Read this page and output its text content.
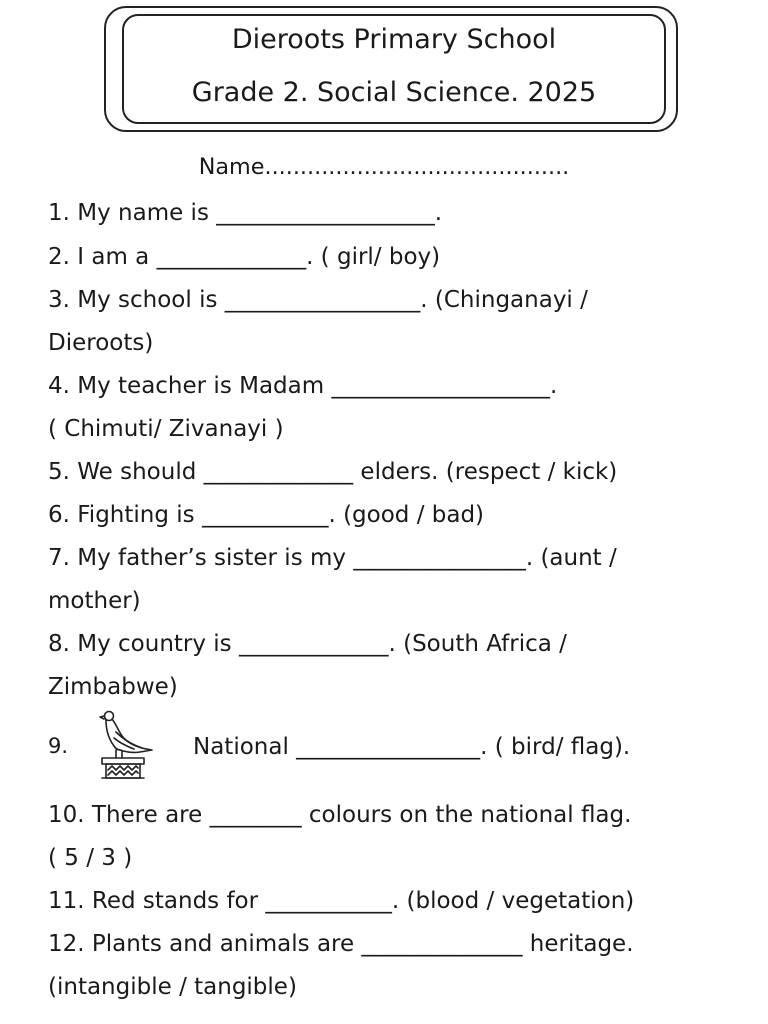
Dieroots Primary School
Grade 2. Social Science. 2025
Name...........................................
1. My name is ___________________.
2. I am a _____________. ( girl/ boy)
3. My school is _________________. (Chinganayi /
Dieroots)
4. My teacher is Madam ___________________.
( Chimuti/ Zivanayi )
5. We should _____________ elders. (respect / kick)
6. Fighting is ___________. (good / bad)
7. My father’s sister is my _______________. (aunt /
mother)
8. My country is _____________. (South Africa /
Zimbabwe)
9.	National ________________. ( bird/ flag).
10. There are ________ colours on the national flag.
( 5 / 3 )
11. Red stands for ___________. (blood / vegetation)
12. Plants and animals are ______________ heritage.
(intangible / tangible)
